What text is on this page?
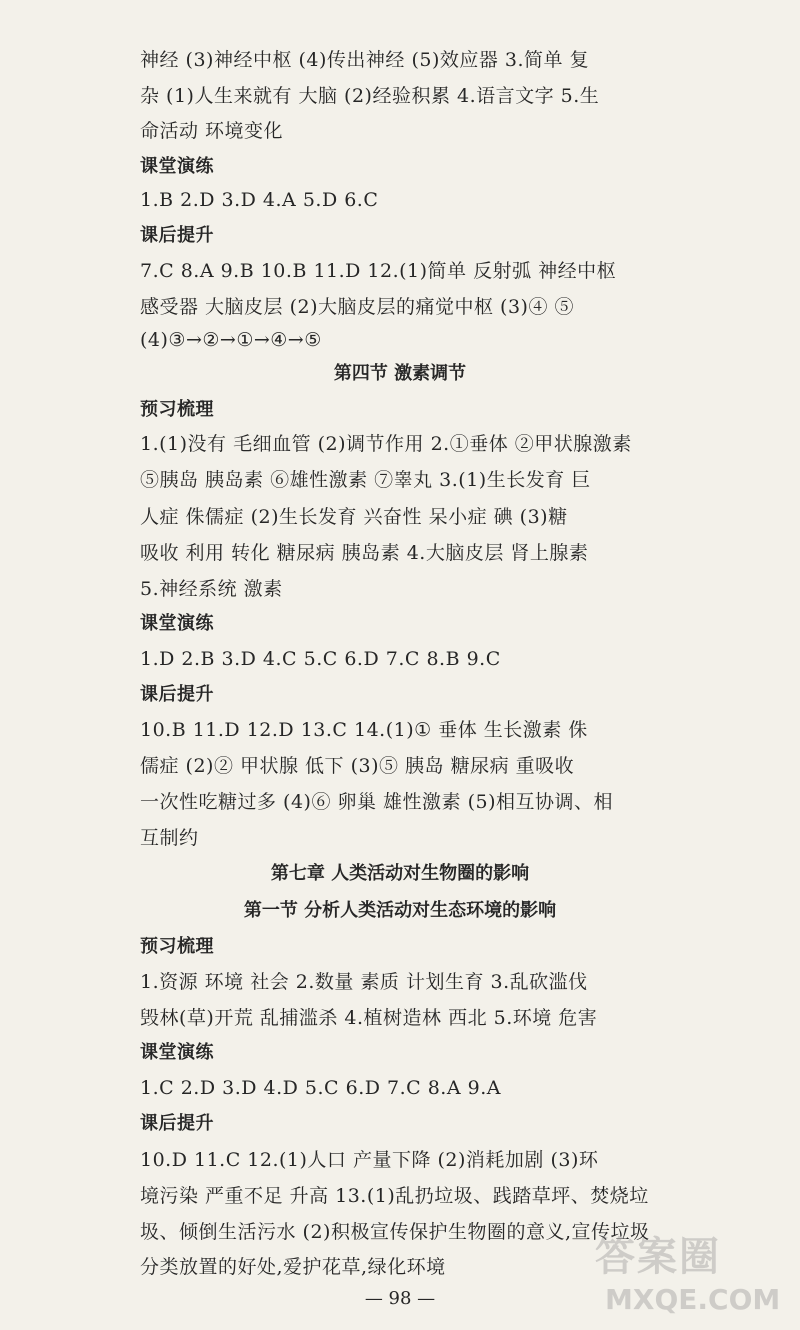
神经 (3)神经中枢 (4)传出神经 (5)效应器 3.简单 复
杂 (1)人生来就有 大脑 (2)经验积累 4.语言文字 5.生
命活动 环境变化
课堂演练
1.B 2.D 3.D 4.A 5.D 6.C
课后提升
7.C 8.A 9.B 10.B 11.D 12.(1)简单 反射弧 神经中枢
感受器 大脑皮层 (2)大脑皮层的痛觉中枢 (3)④ ⑤
(4)③→②→①→④→⑤
第四节 激素调节
预习梳理
1.(1)没有 毛细血管 (2)调节作用 2.①垂体 ②甲状腺激素
⑤胰岛 胰岛素 ⑥雄性激素 ⑦睾丸 3.(1)生长发育 巨
人症 侏儒症 (2)生长发育 兴奋性 呆小症 碘 (3)糖
吸收 利用 转化 糖尿病 胰岛素 4.大脑皮层 肾上腺素
5.神经系统 激素
课堂演练
1.D 2.B 3.D 4.C 5.C 6.D 7.C 8.B 9.C
课后提升
10.B 11.D 12.D 13.C 14.(1)① 垂体 生长激素 侏
儒症 (2)② 甲状腺 低下 (3)⑤ 胰岛 糖尿病 重吸收
一次性吃糖过多 (4)⑥ 卵巢 雄性激素 (5)相互协调、相
互制约
第七章 人类活动对生物圈的影响
第一节 分析人类活动对生态环境的影响
预习梳理
1.资源 环境 社会 2.数量 素质 计划生育 3.乱砍滥伐
毁林(草)开荒 乱捕滥杀 4.植树造林 西北 5.环境 危害
课堂演练
1.C 2.D 3.D 4.D 5.C 6.D 7.C 8.A 9.A
课后提升
10.D 11.C 12.(1)人口 产量下降 (2)消耗加剧 (3)环
境污染 严重不足 升高 13.(1)乱扔垃圾、践踏草坪、焚烧垃
圾、倾倒生活污水 (2)积极宣传保护生物圈的意义,宣传垃圾
分类放置的好处,爱护花草,绿化环境
— 98 —
答案圈
MXQE.COM
